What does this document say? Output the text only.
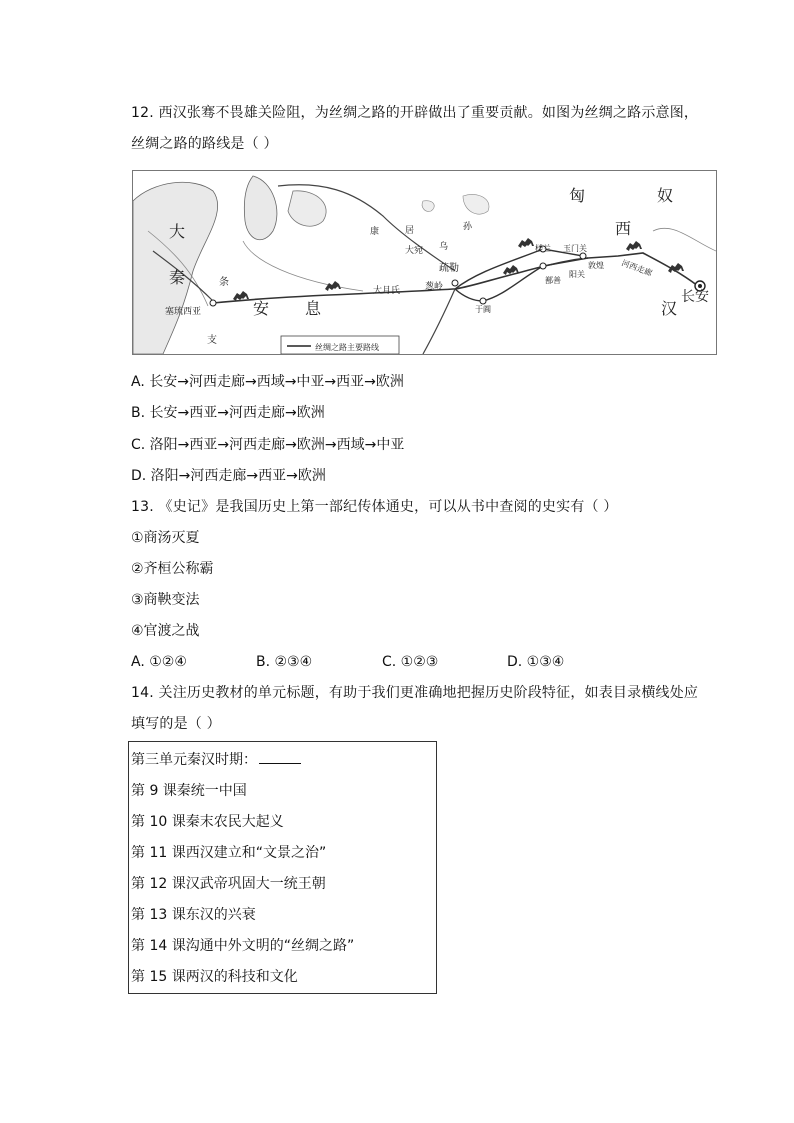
12. 西汉张骞不畏雄关险阻，为丝绸之路的开辟做出了重要贡献。如图为丝绸之路示意图，
丝绸之路的路线是（ ）
大
秦	条
支
塞琉西亚	安 息
康	居
大宛 乌
孙
匈	奴
西
疏勒
大月氏	葱岭
楼兰 玉门关
敦煌
阳关
鄯善
于阗
河西走廊
汉
长安
丝绸之路主要路线
A. 长安→河西走廊→西域→中亚→西亚→欧洲
B. 长安→西亚→河西走廊→欧洲
C. 洛阳→西亚→河西走廊→欧洲→西域→中亚
D. 洛阳→河西走廊→西亚→欧洲
13. 《史记》是我国历史上第一部纪传体通史，可以从书中查阅的史实有（ ）
①商汤灭夏
②齐桓公称霸
③商鞅变法
④官渡之战
A. ①②④	B. ②③④	C. ①②③	D. ①③④
14. 关注历史教材的单元标题，有助于我们更准确地把握历史阶段特征，如表目录横线处应
填写的是（ ）
第三单元秦汉时期：
第 9 课秦统一中国
第 10 课秦末农民大起义
第 11 课西汉建立和“文景之治”
第 12 课汉武帝巩固大一统王朝
第 13 课东汉的兴衰
第 14 课沟通中外文明的“丝绸之路”
第 15 课两汉的科技和文化
